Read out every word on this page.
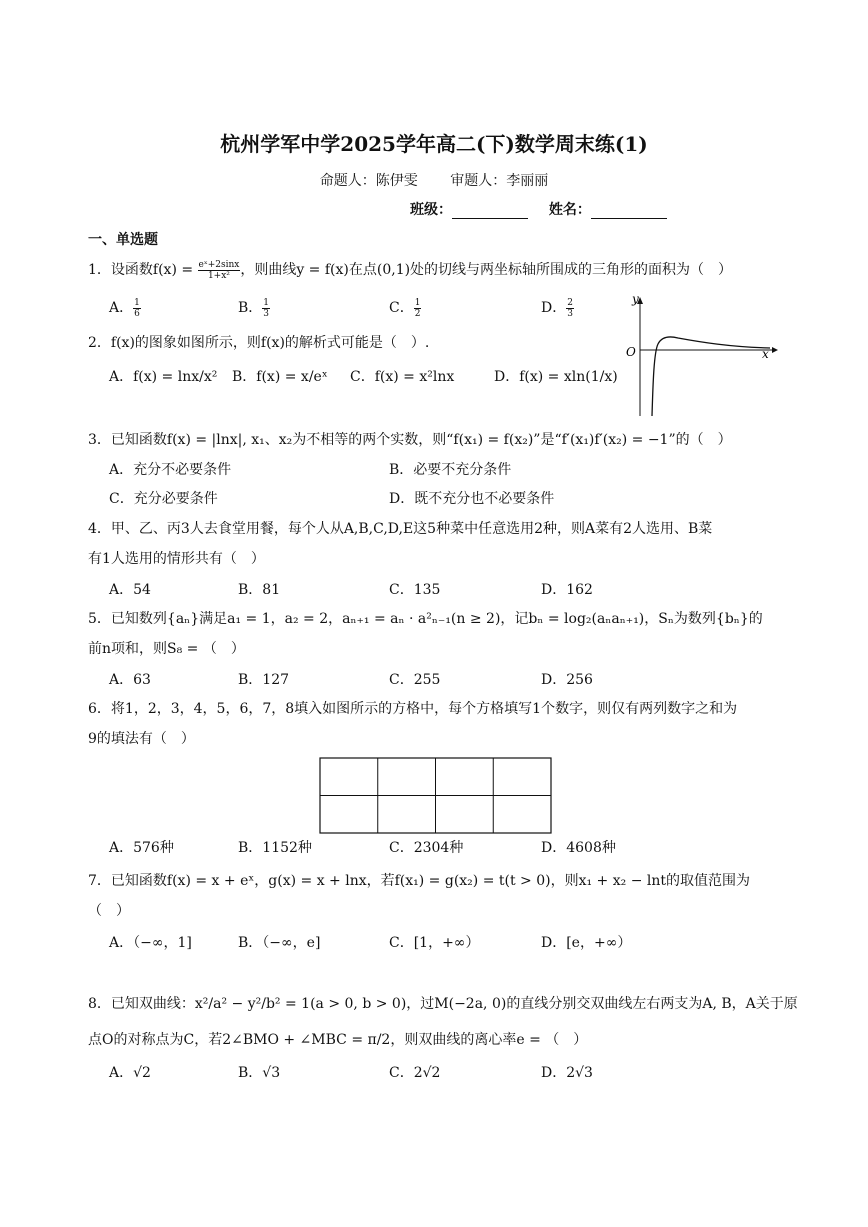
杭州学军中学2025学年高二(下)数学周末练(1)
命题人：陈伊雯 审题人：李丽丽
班级：	姓名：
一、单选题
1．设函数$f(x) = \frac{\text{eˣ+2sinx}}{\text{1+x²}}$ ，则曲线y = f(x)在点(0,1)处的切线与两坐标轴所围成的三角形的面积为（　）
A． $\frac{1}{6}$	B． $\frac{1}{3}$	C． $\frac{1}{2}$	D． $\frac{2}{3}$
2．f(x)的图象如图所示，则f(x)的解析式可能是（　）.
A．f(x) = lnx/x² B．f(x) = x/eˣ C．f(x) = x²lnx	D．f(x) = xln(1/x)
y
x
O
3．已知函数f(x) = |lnx|, x₁、x₂为不相等的两个实数，则“f(x₁) = f(x₂)”是“f′(x₁)f′(x₂) = −1”的（　）
A．充分不必要条件	B．必要不充分条件
C．充分必要条件	D．既不充分也不必要条件
4．甲、乙、丙3人去食堂用餐，每个人从A,B,C,D,E这5种菜中任意选用2种，则A菜有2人选用、B菜
有1人选用的情形共有（　）
A．54	B．81	C．135	D．162
5．已知数列{aₙ}满足a₁ = 1，a₂ = 2，aₙ₊₁ = aₙ · a²ₙ₋₁(n ≥ 2)，记bₙ = log₂(aₙaₙ₊₁)，Sₙ为数列{bₙ}的
前n项和，则S₈ = （　）
A．63	B．127	C．255	D．256
6．将1，2，3，4，5，6，7，8填入如图所示的方格中，每个方格填写1个数字，则仅有两列数字之和为
9的填法有（　）
A．576种	B．1152种	C．2304种	D．4608种
7．已知函数f(x) = x + eˣ，g(x) = x + lnx，若f(x₁) = g(x₂) = t(t > 0)，则x₁ + x₂ − lnt的取值范围为
（　）
A．（−∞，1]	B．（−∞，e]	C．[1，+∞）	D．[e，+∞）
8．已知双曲线：x²/a² − y²/b² = 1(a > 0, b > 0)，过M(−2a, 0)的直线分别交双曲线左右两支为A, B，A关于原
点O的对称点为C，若2∠BMO + ∠MBC = π/2，则双曲线的离心率e = （　）
A．√2	B．√3	C．2√2	D．2√3
